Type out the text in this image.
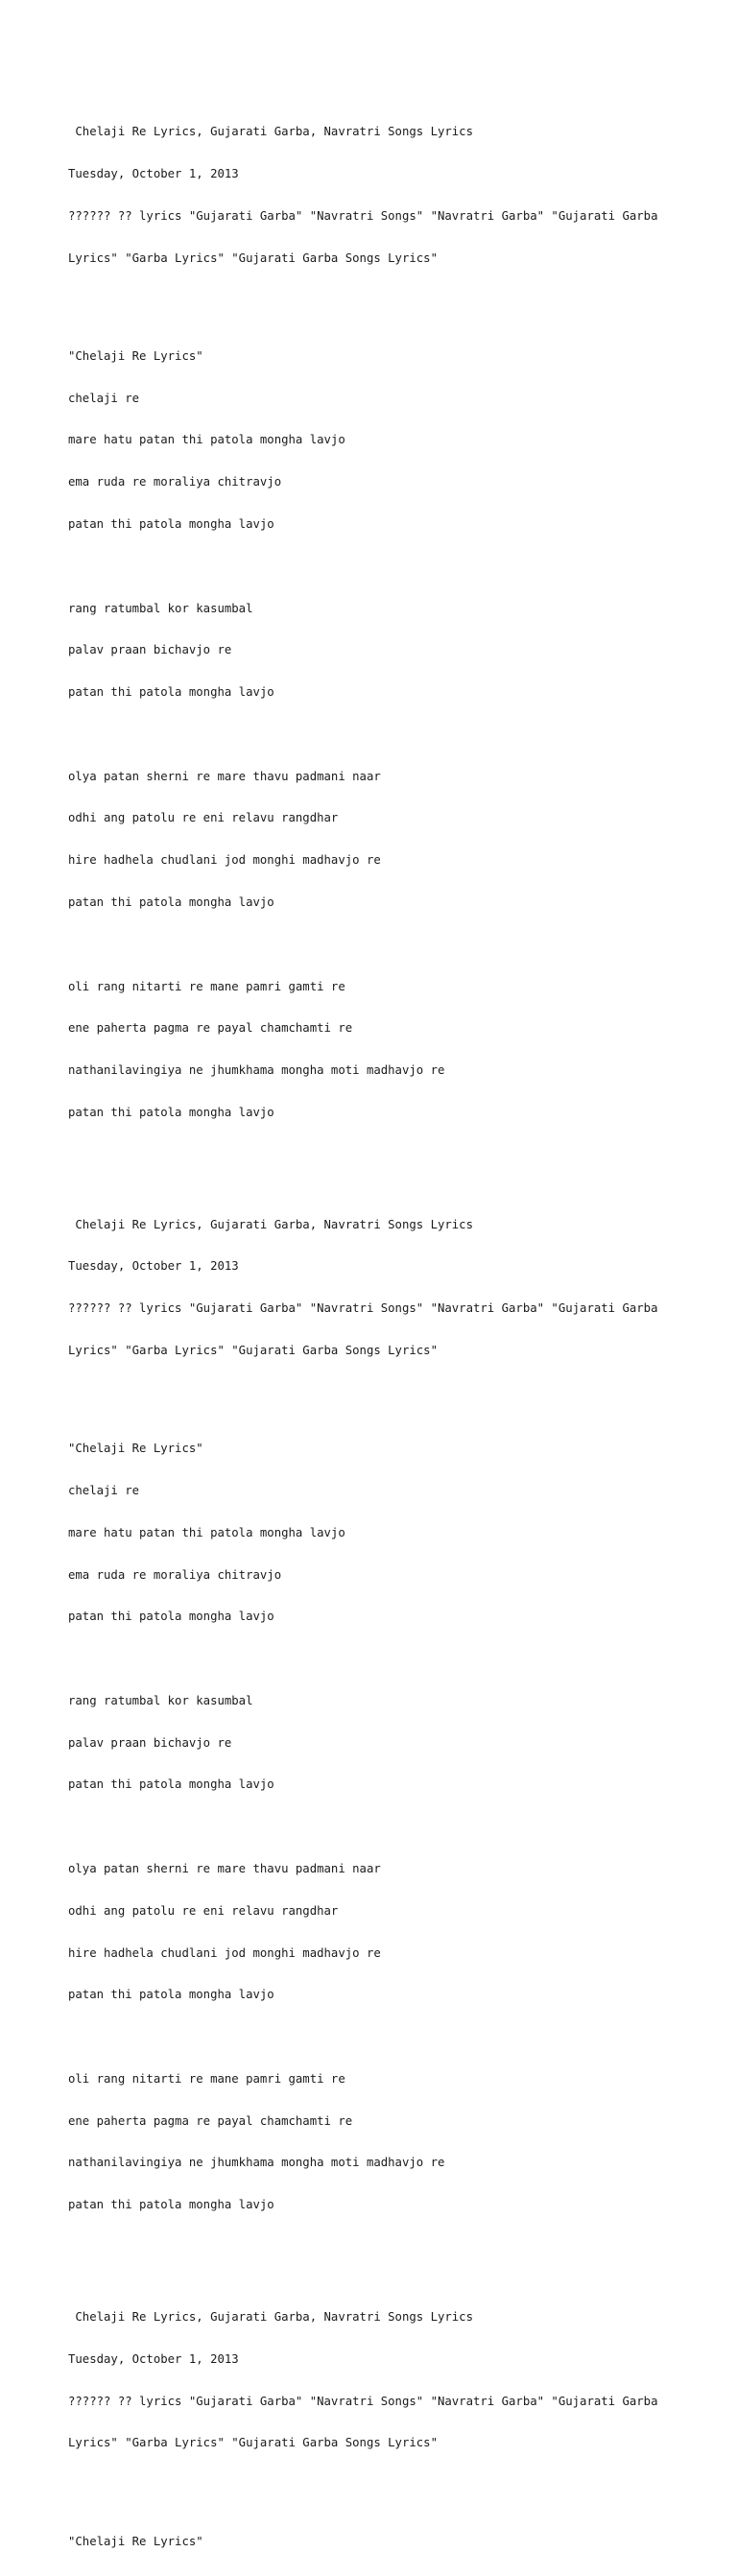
Chelaji Re Lyrics, Gujarati Garba, Navratri Songs Lyrics

Tuesday, October 1, 2013

?????? ?? lyrics "Gujarati Garba" "Navratri Songs" "Navratri Garba" "Gujarati Garba

Lyrics" "Garba Lyrics" "Gujarati Garba Songs Lyrics"

"Chelaji Re Lyrics"

chelaji re

mare hatu patan thi patola mongha lavjo

ema ruda re moraliya chitravjo

patan thi patola mongha lavjo

rang ratumbal kor kasumbal

palav praan bichavjo re

patan thi patola mongha lavjo

olya patan sherni re mare thavu padmani naar

odhi ang patolu re eni relavu rangdhar

hire hadhela chudlani jod monghi madhavjo re

patan thi patola mongha lavjo

oli rang nitarti re mane pamri gamti re

ene paherta pagma re payal chamchamti re

nathanilavingiya ne jhumkhama mongha moti madhavjo re

patan thi patola mongha lavjo

Chelaji Re Lyrics, Gujarati Garba, Navratri Songs Lyrics

Tuesday, October 1, 2013

?????? ?? lyrics "Gujarati Garba" "Navratri Songs" "Navratri Garba" "Gujarati Garba

Lyrics" "Garba Lyrics" "Gujarati Garba Songs Lyrics"

"Chelaji Re Lyrics"

chelaji re

mare hatu patan thi patola mongha lavjo

ema ruda re moraliya chitravjo

patan thi patola mongha lavjo

rang ratumbal kor kasumbal

palav praan bichavjo re

patan thi patola mongha lavjo

olya patan sherni re mare thavu padmani naar

odhi ang patolu re eni relavu rangdhar

hire hadhela chudlani jod monghi madhavjo re

patan thi patola mongha lavjo

oli rang nitarti re mane pamri gamti re

ene paherta pagma re payal chamchamti re

nathanilavingiya ne jhumkhama mongha moti madhavjo re

patan thi patola mongha lavjo

Chelaji Re Lyrics, Gujarati Garba, Navratri Songs Lyrics

Tuesday, October 1, 2013

?????? ?? lyrics "Gujarati Garba" "Navratri Songs" "Navratri Garba" "Gujarati Garba

Lyrics" "Garba Lyrics" "Gujarati Garba Songs Lyrics"

"Chelaji Re Lyrics"
